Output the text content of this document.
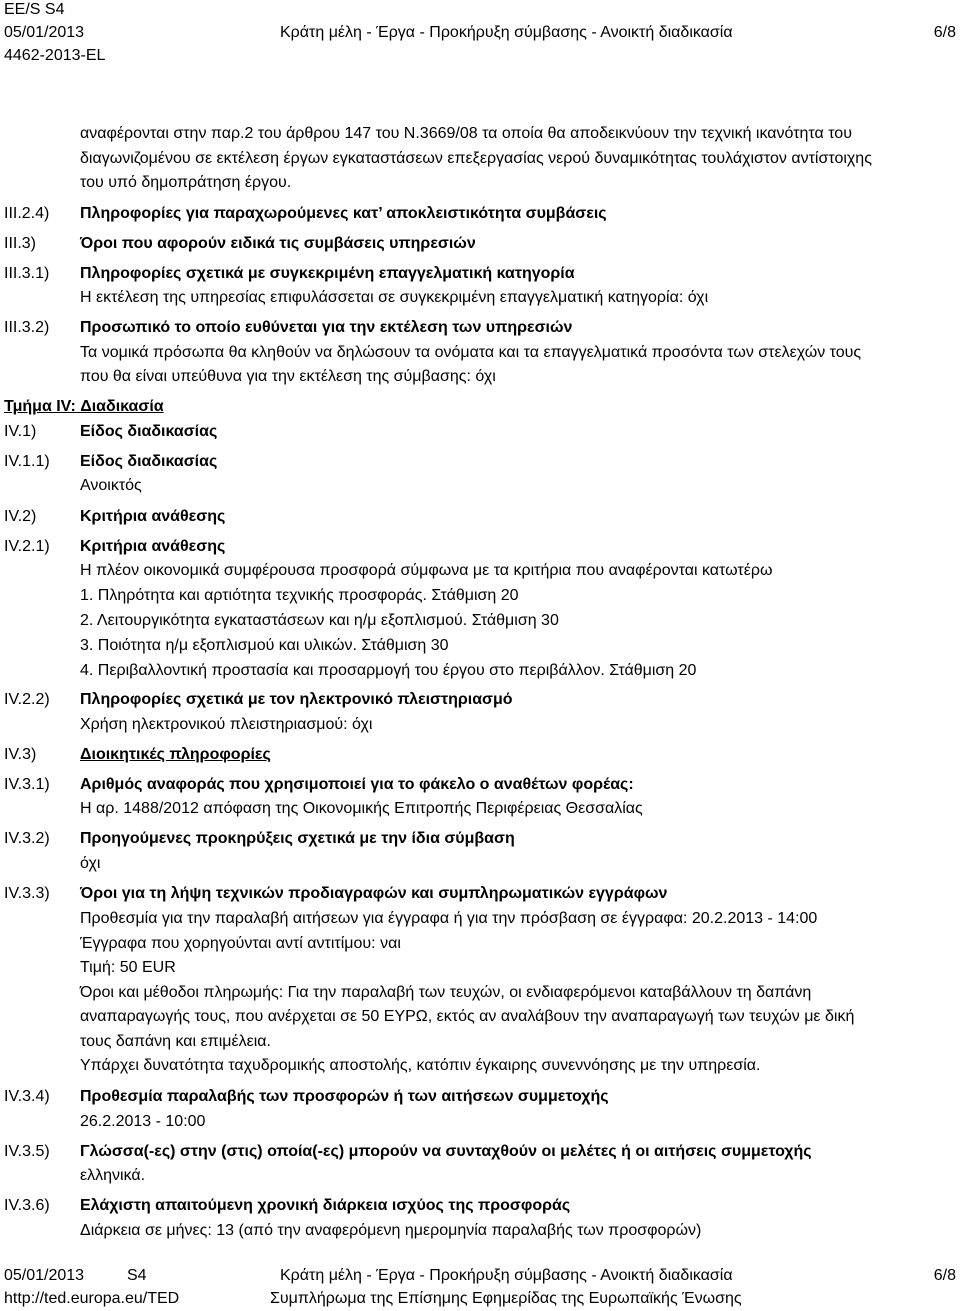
EE/S S4
05/01/2013
4462-2013-EL
Κράτη μέλη - Έργα - Προκήρυξη σύμβασης - Ανοικτή διαδικασία	6/8
αναφέρονται στην παρ.2 του άρθρου 147 του Ν.3669/08 τα οποία θα αποδεικνύουν την τεχνική ικανότητα του
διαγωνιζομένου σε εκτέλεση έργων εγκαταστάσεων επεξεργασίας νερού δυναμικότητας τουλάχιστον αντίστοιχης
του υπό δημοπράτηση έργου.
III.2.4) Πληροφορίες για παραχωρούμενες κατ’ αποκλειστικότητα συμβάσεις
III.3)	Όροι που αφορούν ειδικά τις συμβάσεις υπηρεσιών
III.3.1) Πληροφορίες σχετικά με συγκεκριμένη επαγγελματική κατηγορία
Η εκτέλεση της υπηρεσίας επιφυλάσσεται σε συγκεκριμένη επαγγελματική κατηγορία: όχι
III.3.2) Προσωπικό το οποίο ευθύνεται για την εκτέλεση των υπηρεσιών
Τα νομικά πρόσωπα θα κληθούν να δηλώσουν τα ονόματα και τα επαγγελματικά προσόντα των στελεχών τους
που θα είναι υπεύθυνα για την εκτέλεση της σύμβασης: όχι
Τμήμα IV: Διαδικασία
IV.1)	Είδος διαδικασίας
IV.1.1) Είδος διαδικασίας
Ανοικτός
IV.2)	Κριτήρια ανάθεσης
IV.2.1) Κριτήρια ανάθεσης
Η πλέον οικονομικά συμφέρουσα προσφορά σύμφωνα με τα κριτήρια που αναφέρονται κατωτέρω
1. Πληρότητα και αρτιότητα τεχνικής προσφοράς. Στάθμιση 20
2. Λειτουργικότητα εγκαταστάσεων και η/μ εξοπλισμού. Στάθμιση 30
3. Ποιότητα η/μ εξοπλισμού και υλικών. Στάθμιση 30
4. Περιβαλλοντική προστασία και προσαρμογή του έργου στο περιβάλλον. Στάθμιση 20
IV.2.2) Πληροφορίες σχετικά με τον ηλεκτρονικό πλειστηριασμό
Χρήση ηλεκτρονικού πλειστηριασμού: όχι
IV.3)	Διοικητικές πληροφορίες
IV.3.1) Αριθμός αναφοράς που χρησιμοποιεί για το φάκελο ο αναθέτων φορέας:
Η αρ. 1488/2012 απόφαση της Οικονομικής Επιτροπής Περιφέρειας Θεσσαλίας
IV.3.2) Προηγούμενες προκηρύξεις σχετικά με την ίδια σύμβαση
όχι
IV.3.3) Όροι για τη λήψη τεχνικών προδιαγραφών και συμπληρωματικών εγγράφων
Προθεσμία για την παραλαβή αιτήσεων για έγγραφα ή για την πρόσβαση σε έγγραφα: 20.2.2013 - 14:00
Έγγραφα που χορηγούνται αντί αντιτίμου: ναι
Τιμή: 50 EUR
Όροι και μέθοδοι πληρωμής: Για την παραλαβή των τευχών, οι ενδιαφερόμενοι καταβάλλουν τη δαπάνη
αναπαραγωγής τους, που ανέρχεται σε 50 ΕΥΡΩ, εκτός αν αναλάβουν την αναπαραγωγή των τευχών με δική
τους δαπάνη και επιμέλεια.
Υπάρχει δυνατότητα ταχυδρομικής αποστολής, κατόπιν έγκαιρης συνεννόησης με την υπηρεσία.
IV.3.4) Προθεσμία παραλαβής των προσφορών ή των αιτήσεων συμμετοχής
26.2.2013 - 10:00
IV.3.5) Γλώσσα(-ες) στην (στις) οποία(-ες) μπορούν να συνταχθούν οι μελέτες ή οι αιτήσεις συμμετοχής
ελληνικά.
IV.3.6) Ελάχιστη απαιτούμενη χρονική διάρκεια ισχύος της προσφοράς
Διάρκεια σε μήνες: 13 (από την αναφερόμενη ημερομηνία παραλαβής των προσφορών)
05/01/2013	S4
http://ted.europa.eu/TED
Κράτη μέλη - Έργα - Προκήρυξη σύμβασης - Ανοικτή διαδικασία
Συμπλήρωμα της Επίσημης Εφημερίδας της Ευρωπαϊκής Ένωσης
6/8
